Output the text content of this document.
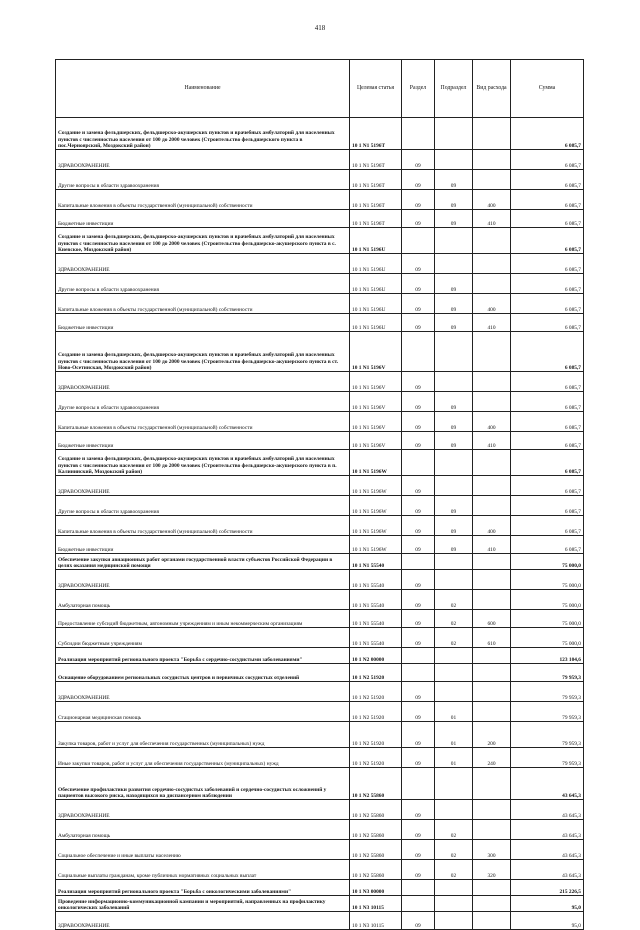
418
Наименование	Целевая статья	Раздел	Подраздел	Вид расхода	Сумма
Создание и замена фельдшерских, фельдшерско-акушерских пунктов и врачебных амбулаторий для населенных пунктов с численностью населения от 100 до 2000 человек (Строительство фельдшерского пункта в пос.Черноярский, Моздокский район)	10 1 N1 5196T				6 085,7
ЗДРАВООХРАНЕНИЕ	10 1 N1 5196T	09			6 085,7
Другие вопросы в области здравоохранения	10 1 N1 5196T	09	09		6 085,7
Капитальные вложения в объекты государственной (муниципальной) собственности	10 1 N1 5196T	09	09	400	6 085,7
Бюджетные инвестиции	10 1 N1 5196T	09	09	410	6 085,7
Создание и замена фельдшерских, фельдшерско-акушерских пунктов и врачебных амбулаторий для населенных пунктов с численностью населения от 100 до 2000 человек (Строительство фельдшерско-акушерского пункта в с. Киевское, Моздокский район)	10 1 N1 5196U				6 085,7
ЗДРАВООХРАНЕНИЕ	10 1 N1 5196U	09			6 085,7
Другие вопросы в области здравоохранения	10 1 N1 5196U	09	09		6 085,7
Капитальные вложения в объекты государственной (муниципальной) собственности	10 1 N1 5196U	09	09	400	6 085,7
Бюджетные инвестиции	10 1 N1 5196U	09	09	410	6 085,7
Создание и замена фельдшерских, фельдшерско-акушерских пунктов и врачебных амбулаторий для населенных пунктов с численностью населения от 100 до 2000 человек (Строительство фельдшерско-акушерского пункта в ст. Ново-Осетинская, Моздокский район)	10 1 N1 5196V				6 085,7
ЗДРАВООХРАНЕНИЕ	10 1 N1 5196V	09			6 085,7
Другие вопросы в области здравоохранения	10 1 N1 5196V	09	09		6 085,7
Капитальные вложения в объекты государственной (муниципальной) собственности	10 1 N1 5196V	09	09	400	6 085,7
Бюджетные инвестиции	10 1 N1 5196V	09	09	410	6 085,7
Создание и замена фельдшерских, фельдшерско-акушерских пунктов и врачебных амбулаторий для населенных пунктов с численностью населения от 100 до 2000 человек (Строительство фельдшерско-акушерского пункта в п. Калининский, Моздокский район)	10 1 N1 5196W				6 085,7
ЗДРАВООХРАНЕНИЕ	10 1 N1 5196W	09			6 085,7
Другие вопросы в области здравоохранения	10 1 N1 5196W	09	09		6 085,7
Капитальные вложения в объекты государственной (муниципальной) собственности	10 1 N1 5196W	09	09	400	6 085,7
Бюджетные инвестиции	10 1 N1 5196W	09	09	410	6 085,7
Обеспечение закупки авиационных работ органами государственной власти субъектов Российской Федерации в целях оказания медицинской помощи	10 1 N1 55540				75 000,0
ЗДРАВООХРАНЕНИЕ	10 1 N1 55540	09			75 000,0
Амбулаторная помощь	10 1 N1 55540	09	02		75 000,0
Предоставление субсидий бюджетным, автономным учреждениям и иным некоммерческим организациям	10 1 N1 55540	09	02	600	75 000,0
Субсидии бюджетным учреждениям	10 1 N1 55540	09	02	610	75 000,0
Реализация мероприятий регионального проекта "Борьба с сердечно-сосудистыми заболеваниями"	10 1 N2 00000				123 104,6
Оснащение оборудованием региональных сосудистых центров и первичных сосудистых отделений	10 1 N2 51920				79 959,3
ЗДРАВООХРАНЕНИЕ	10 1 N2 51920	09			79 959,3
Стационарная медицинская помощь	10 1 N2 51920	09	01		79 959,3
Закупка товаров, работ и услуг для обеспечения государственных (муниципальных) нужд	10 1 N2 51920	09	01	200	79 959,3
Иные закупки товаров, работ и услуг для обеспечения государственных (муниципальных) нужд	10 1 N2 51920	09	01	240	79 959,3
Обеспечение профилактики развития сердечно-сосудистых заболеваний и сердечно-сосудистых осложнений у пациентов высокого риска, находящихся на диспансерном наблюдении	10 1 N2 55860				43 645,3
ЗДРАВООХРАНЕНИЕ	10 1 N2 55860	09			43 645,3
Амбулаторная помощь	10 1 N2 55860	09	02		43 645,3
Социальное обеспечение и иные выплаты населению	10 1 N2 55860	09	02	300	43 645,3
Социальные выплаты гражданам, кроме публичных нормативных социальных выплат	10 1 N2 55860	09	02	320	43 645,3
Реализация мероприятий регионального проекта "Борьба с онкологическими заболеваниями"	10 1 N3 00000				215 226,5
Проведение информационно-коммуникационной кампании и мероприятий, направленных на профилактику онкологических заболеваний	10 1 N3 10115				95,0
ЗДРАВООХРАНЕНИЕ	10 1 N3 10115	09			95,0
